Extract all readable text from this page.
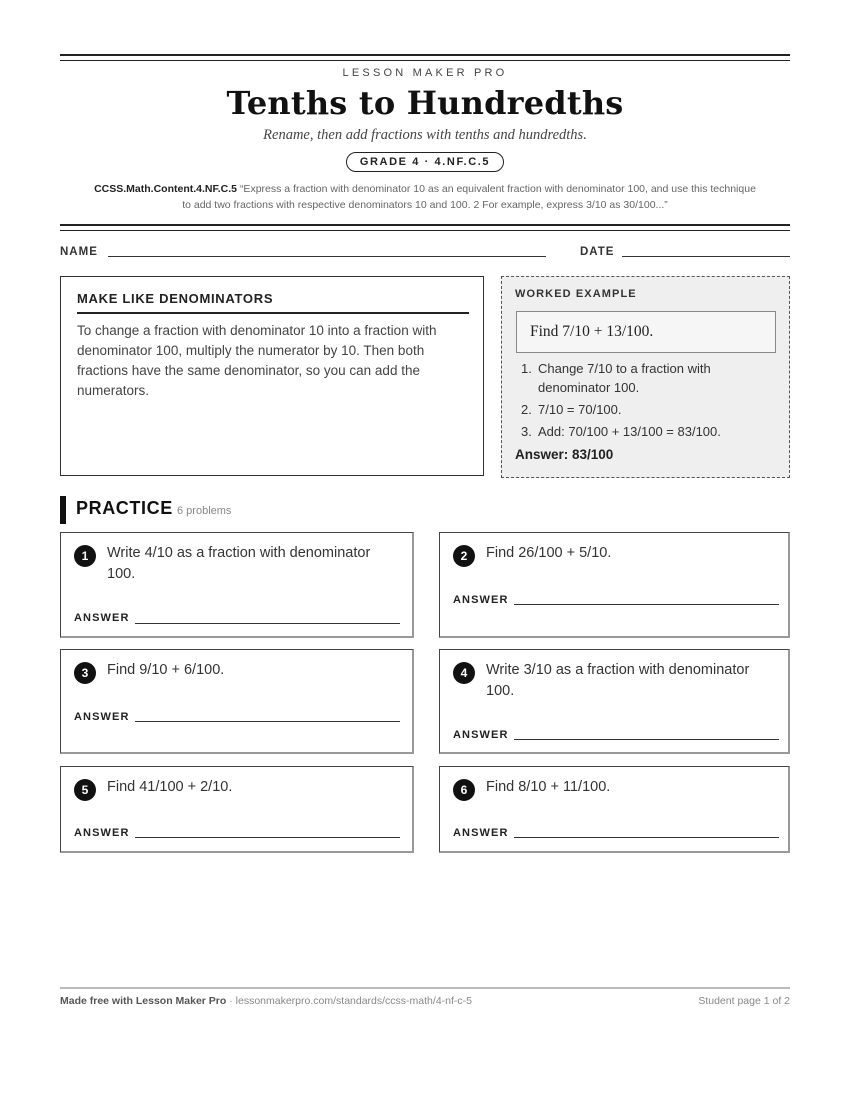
LESSON MAKER PRO
Tenths to Hundredths
Rename, then add fractions with tenths and hundredths.
GRADE 4 · 4.NF.C.5
CCSS.Math.Content.4.NF.C.5 “Express a fraction with denominator 10 as an equivalent fraction with denominator 100, and use this technique
to add two fractions with respective denominators 10 and 100. 2 For example, express 3/10 as 30/100...”
NAME	DATE
MAKE LIKE DENOMINATORS
To change a fraction with denominator 10 into a fraction with denominator 100, multiply the numerator by 10. Then both fractions have the same denominator, so you can add the numerators.
WORKED EXAMPLE
Find 7/10 + 13/100.
1. Change 7/10 to a fraction with denominator 100.
2. 7/10 = 70/100.
3. Add: 70/100 + 13/100 = 83/100.
Answer: 83/100
PRACTICE 6 problems
1	Write 4/10 as a fraction with denominator 100.
ANSWER
2	Find 26/100 + 5/10.
ANSWER
3	Find 9/10 + 6/100.
ANSWER
4	Write 3/10 as a fraction with denominator 100.
ANSWER
5	Find 41/100 + 2/10.
ANSWER
6	Find 8/10 + 11/100.
ANSWER
Made free with Lesson Maker Pro · lessonmakerpro.com/standards/ccss-math/4-nf-c-5	Student page 1 of 2
